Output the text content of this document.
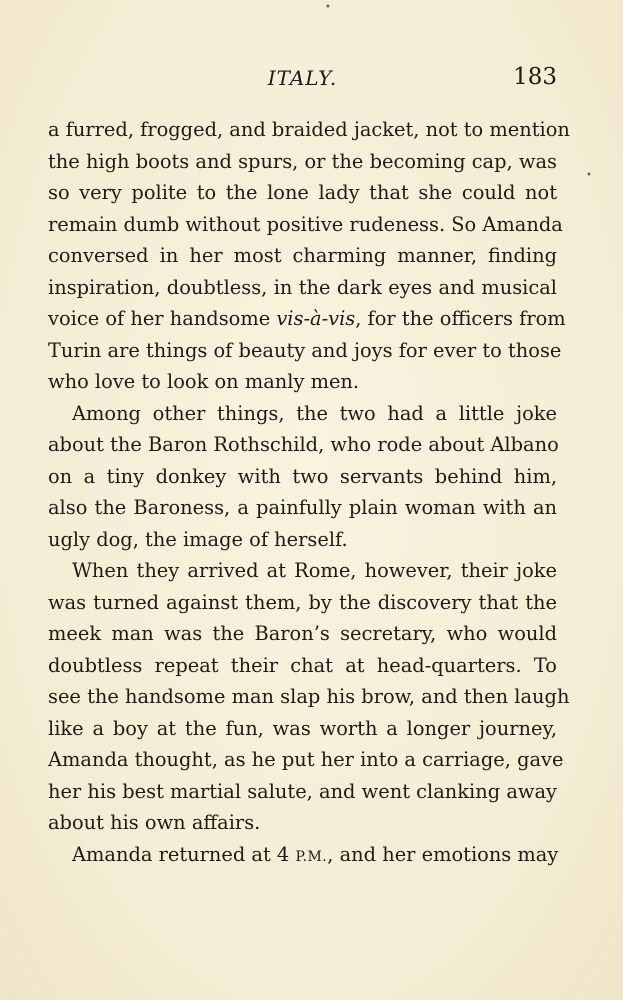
ITALY.	183
•
•
a furred, frogged, and braided jacket, not to mention
the high boots and spurs, or the becoming cap, was
so very polite to the lone lady that she could not
remain dumb without positive rudeness. So Amanda
conversed in her most charming manner, finding
inspiration, doubtless, in the dark eyes and musical
voice of her handsome vis-à-vis, for the officers from
Turin are things of beauty and joys for ever to those
who love to look on manly men.
Among other things, the two had a little joke
about the Baron Rothschild, who rode about Albano
on a tiny donkey with two servants behind him,
also the Baroness, a painfully plain woman with an
ugly dog, the image of herself.
When they arrived at Rome, however, their joke
was turned against them, by the discovery that the
meek man was the Baron’s secretary, who would
doubtless repeat their chat at head-quarters. To
see the handsome man slap his brow, and then laugh
like a boy at the fun, was worth a longer journey,
Amanda thought, as he put her into a carriage, gave
her his best martial salute, and went clanking away
about his own affairs.
Amanda returned at 4 P.M., and her emotions may
